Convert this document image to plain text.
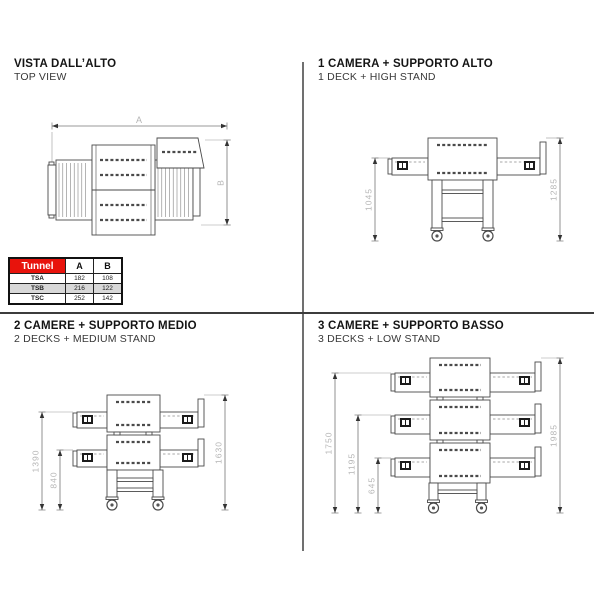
VISTA DALL’ALTO
TOP VIEW
1 CAMERA + SUPPORTO ALTO
1 DECK + HIGH STAND
2 CAMERE + SUPPORTO MEDIO
2 DECKS + MEDIUM STAND
3 CAMERE + SUPPORTO BASSO
3 DECKS + LOW STAND
A
B
1045	1285
1390
840
1630	1750
1195
645
1985
Tunnel	A	B
TSA	182	108
TSB	216	122
TSC	252	142
